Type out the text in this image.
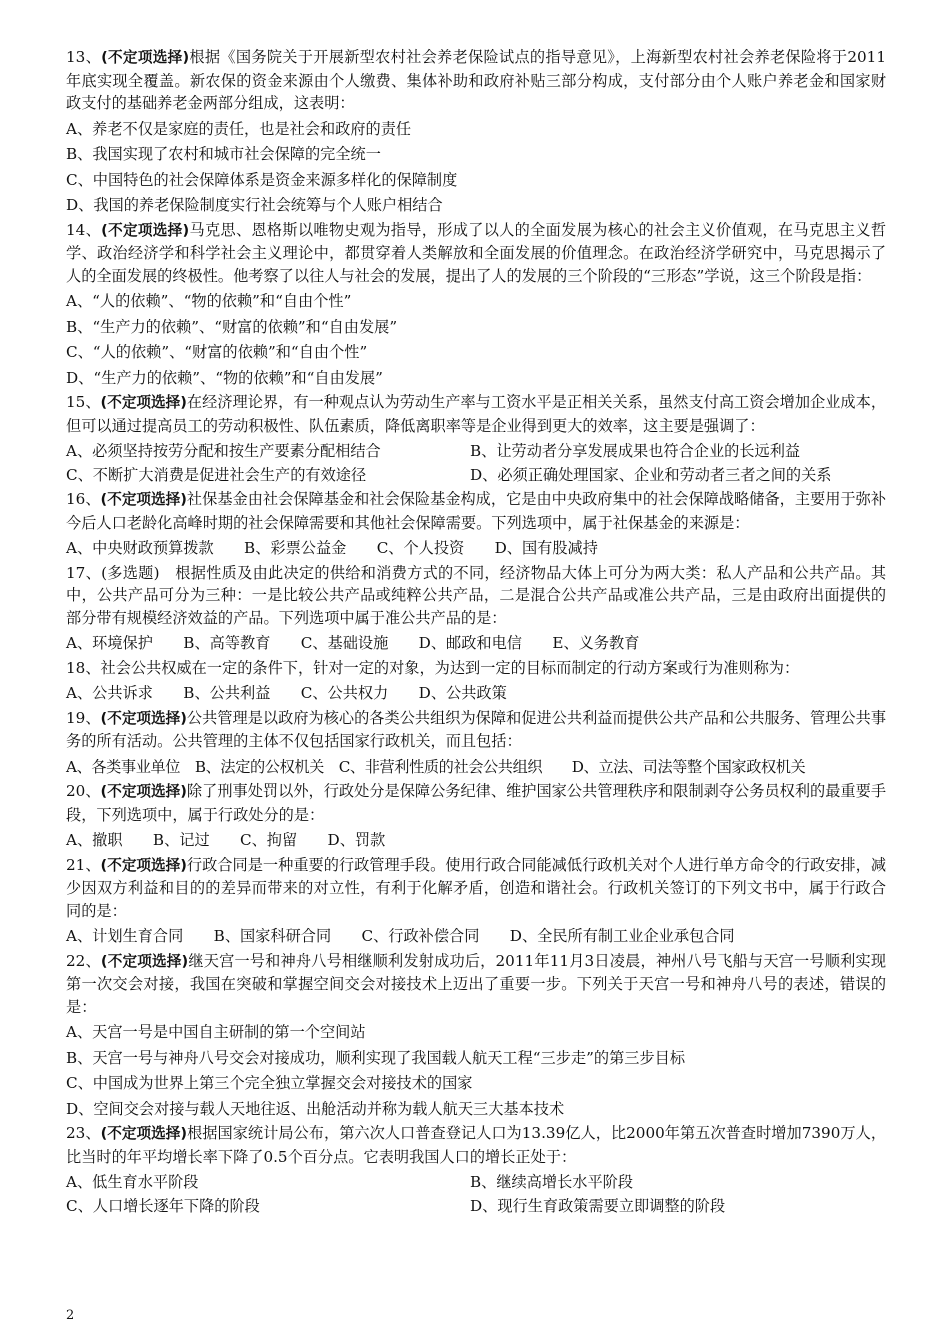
13、(不定项选择)根据《国务院关于开展新型农村社会养老保险试点的指导意见》，上海新型农村社会养老保险将于2011年底实现全覆盖。新农保的资金来源由个人缴费、集体补助和政府补贴三部分构成，支付部分由个人账户养老金和国家财政支付的基础养老金两部分组成，这表明：
A、养老不仅是家庭的责任，也是社会和政府的责任
B、我国实现了农村和城市社会保障的完全统一
C、中国特色的社会保障体系是资金来源多样化的保障制度
D、我国的养老保险制度实行社会统筹与个人账户相结合
14、(不定项选择)马克思、恩格斯以唯物史观为指导，形成了以人的全面发展为核心的社会主义价值观，在马克思主义哲学、政治经济学和科学社会主义理论中，都贯穿着人类解放和全面发展的价值理念。在政治经济学研究中，马克思揭示了人的全面发展的终极性。他考察了以往人与社会的发展，提出了人的发展的三个阶段的“三形态”学说，这三个阶段是指：
A、“人的依赖”、“物的依赖”和“自由个性”
B、“生产力的依赖”、“财富的依赖”和“自由发展”
C、“人的依赖”、“财富的依赖”和“自由个性”
D、“生产力的依赖”、“物的依赖”和“自由发展”
15、(不定项选择)在经济理论界，有一种观点认为劳动生产率与工资水平是正相关关系，虽然支付高工资会增加企业成本，但可以通过提高员工的劳动积极性、队伍素质，降低离职率等是企业得到更大的效率，这主要是强调了：
A、必须坚持按劳分配和按生产要素分配相结合	B、让劳动者分享发展成果也符合企业的长远利益
C、不断扩大消费是促进社会生产的有效途径	D、必须正确处理国家、企业和劳动者三者之间的关系
16、(不定项选择)社保基金由社会保障基金和社会保险基金构成，它是由中央政府集中的社会保障战略储备，主要用于弥补今后人口老龄化高峰时期的社会保障需要和其他社会保障需要。下列选项中，属于社保基金的来源是：
A、中央财政预算拨款　　B、彩票公益金　　C、个人投资　　D、国有股减持
17、(多选题)　根据性质及由此决定的供给和消费方式的不同，经济物品大体上可分为两大类：私人产品和公共产品。其中，公共产品可分为三种：一是比较公共产品或纯粹公共产品，二是混合公共产品或准公共产品，三是由政府出面提供的部分带有规模经济效益的产品。下列选项中属于准公共产品的是：
A、环境保护　　B、高等教育　　C、基础设施　　D、邮政和电信　　E、义务教育
18、社会公共权威在一定的条件下，针对一定的对象，为达到一定的目标而制定的行动方案或行为准则称为：
A、公共诉求　　B、公共利益　　C、公共权力　　D、公共政策
19、(不定项选择)公共管理是以政府为核心的各类公共组织为保障和促进公共利益而提供公共产品和公共服务、管理公共事务的所有活动。公共管理的主体不仅包括国家行政机关，而且包括：
A、各类事业单位　B、法定的公权机关　C、非营利性质的社会公共组织　　D、立法、司法等整个国家政权机关
20、(不定项选择)除了刑事处罚以外，行政处分是保障公务纪律、维护国家公共管理秩序和限制剥夺公务员权利的最重要手段，下列选项中，属于行政处分的是：
A、撤职　　B、记过　　C、拘留　　D、罚款
21、(不定项选择)行政合同是一种重要的行政管理手段。使用行政合同能减低行政机关对个人进行单方命令的行政安排，减少因双方利益和目的的差异而带来的对立性，有利于化解矛盾，创造和谐社会。行政机关签订的下列文书中，属于行政合同的是：
A、计划生育合同　　B、国家科研合同　　C、行政补偿合同　　D、全民所有制工业企业承包合同
22、(不定项选择)继天宫一号和神舟八号相继顺利发射成功后，2011年11月3日凌晨，神州八号飞船与天宫一号顺利实现第一次交会对接，我国在突破和掌握空间交会对接技术上迈出了重要一步。下列关于天宫一号和神舟八号的表述，错误的是：
A、天宫一号是中国自主研制的第一个空间站
B、天宫一号与神舟八号交会对接成功，顺利实现了我国载人航天工程“三步走”的第三步目标
C、中国成为世界上第三个完全独立掌握交会对接技术的国家
D、空间交会对接与载人天地往返、出舱活动并称为载人航天三大基本技术
23、(不定项选择)根据国家统计局公布，第六次人口普查登记人口为13.39亿人，比2000年第五次普查时增加7390万人，比当时的年平均增长率下降了0.5个百分点。它表明我国人口的增长正处于：
A、低生育水平阶段	B、继续高增长水平阶段
C、人口增长逐年下降的阶段	D、现行生育政策需要立即调整的阶段
2
